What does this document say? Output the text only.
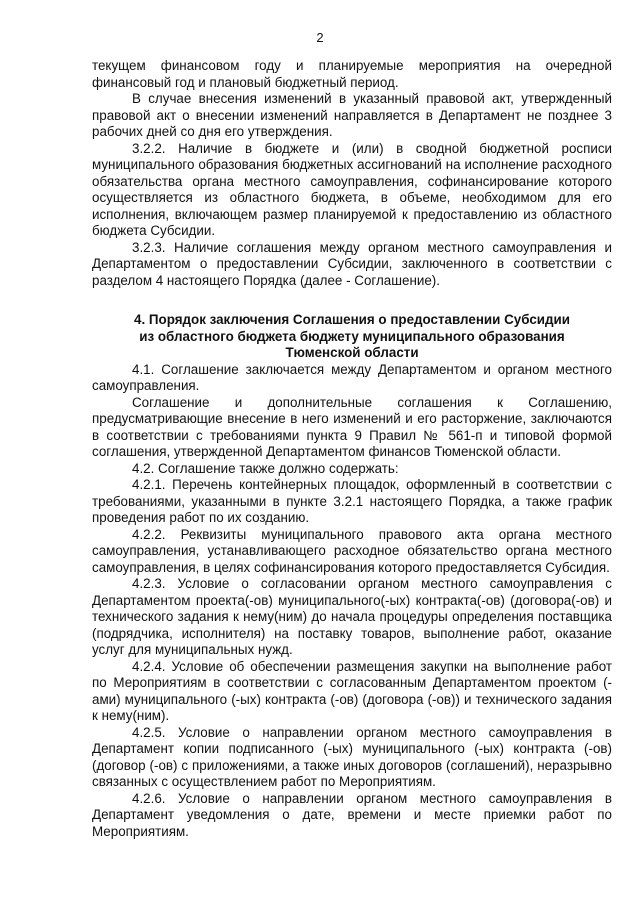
2

текущем финансовом году и планируемые мероприятия на очередной финансовый год и плановый бюджетный период.

В случае внесения изменений в указанный правовой акт, утвержденный правовой акт о внесении изменений направляется в Департамент не позднее 3 рабочих дней со дня его утверждения.

3.2.2. Наличие в бюджете и (или) в сводной бюджетной росписи муниципального образования бюджетных ассигнований на исполнение расходного обязательства органа местного самоуправления, софинансирование которого осуществляется из областного бюджета, в объеме, необходимом для его исполнения, включающем размер планируемой к предоставлению из областного бюджета Субсидии.

3.2.3. Наличие соглашения между органом местного самоуправления и Департаментом о предоставлении Субсидии, заключенного в соответствии с разделом 4 настоящего Порядка (далее - Соглашение).

4. Порядок заключения Соглашения о предоставлении Субсидии
из областного бюджета бюджету муниципального образования
Тюменской области

4.1. Соглашение заключается между Департаментом и органом местного самоуправления.

Соглашение и дополнительные соглашения к Соглашению, предусматривающие внесение в него изменений и его расторжение, заключаются в соответствии с требованиями пункта 9 Правил № 561-п и типовой формой соглашения, утвержденной Департаментом финансов Тюменской области.

4.2. Соглашение также должно содержать:

4.2.1. Перечень контейнерных площадок, оформленный в соответствии с требованиями, указанными в пункте 3.2.1 настоящего Порядка, а также график проведения работ по их созданию.

4.2.2. Реквизиты муниципального правового акта органа местного самоуправления, устанавливающего расходное обязательство органа местного самоуправления, в целях софинансирования которого предоставляется Субсидия.

4.2.3. Условие о согласовании органом местного самоуправления с Департаментом проекта(-ов) муниципального(-ых) контракта(-ов) (договора(-ов) и технического задания к нему(ним) до начала процедуры определения поставщика (подрядчика, исполнителя) на поставку товаров, выполнение работ, оказание услуг для муниципальных нужд.

4.2.4. Условие об обеспечении размещения закупки на выполнение работ по Мероприятиям в соответствии с согласованным Департаментом проектом (-ами) муниципального (-ых) контракта (-ов) (договора (-ов)) и технического задания к нему(ним).

4.2.5. Условие о направлении органом местного самоуправления в Департамент копии подписанного (-ых) муниципального (-ых) контракта (-ов) (договор (-ов) с приложениями, а также иных договоров (соглашений), неразрывно связанных с осуществлением работ по Мероприятиям.

4.2.6. Условие о направлении органом местного самоуправления в Департамент уведомления о дате, времени и месте приемки работ по Мероприятиям.
